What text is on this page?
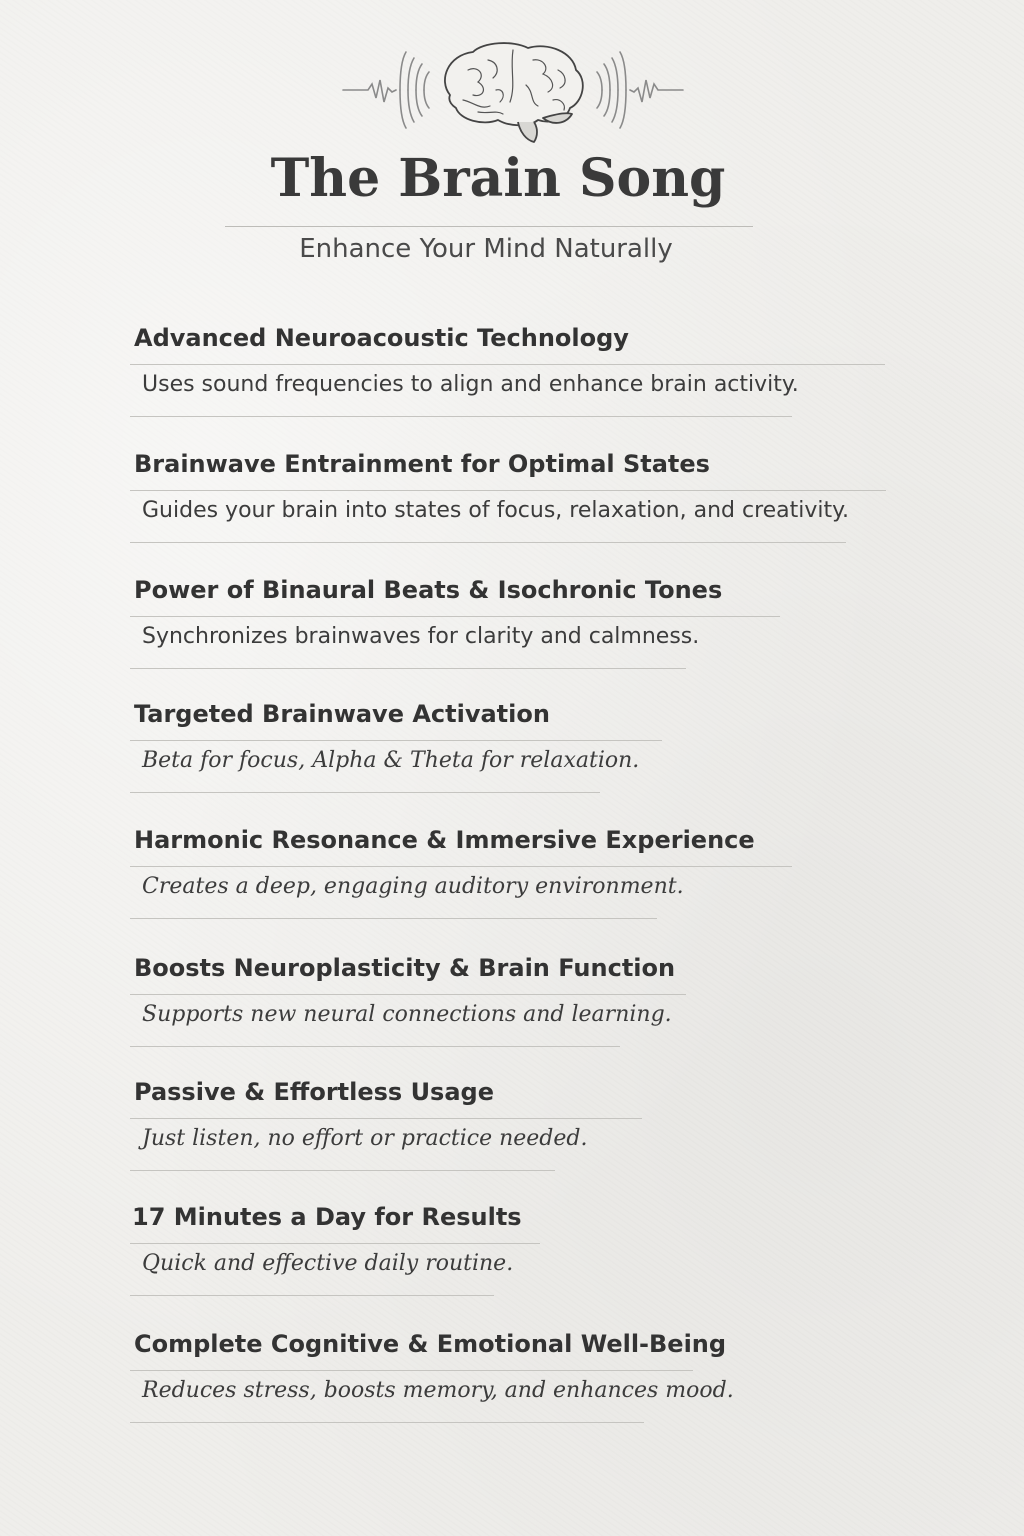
The Brain Song
Enhance Your Mind Naturally
Advanced Neuroacoustic Technology
Uses sound frequencies to align and enhance brain activity.
Brainwave Entrainment for Optimal States
Guides your brain into states of focus, relaxation, and creativity.
Power of Binaural Beats & Isochronic Tones
Synchronizes brainwaves for clarity and calmness.
Targeted Brainwave Activation
Beta for focus, Alpha & Theta for relaxation.
Harmonic Resonance & Immersive Experience
Creates a deep, engaging auditory environment.
Boosts Neuroplasticity & Brain Function
Supports new neural connections and learning.
Passive & Effortless Usage
Just listen, no effort or practice needed.
17 Minutes a Day for Results
Quick and effective daily routine.
Complete Cognitive & Emotional Well-Being
Reduces stress, boosts memory, and enhances mood.
